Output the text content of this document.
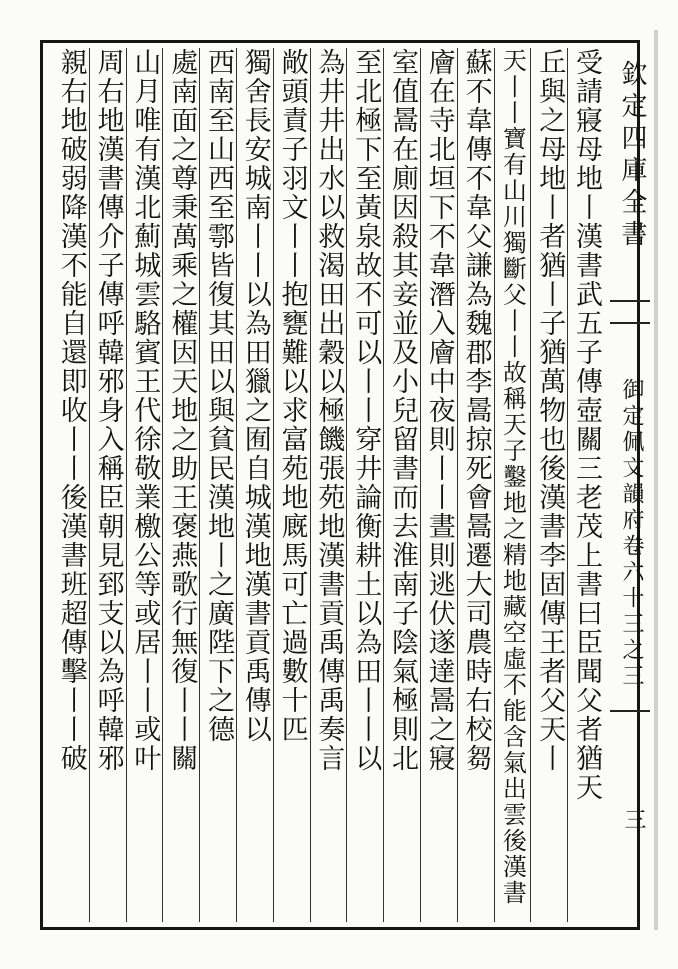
欽定四庫全書
御定佩文韻府卷六十三之三
三
受請寢母地丨漢書武五子傳壺關三老茂上書曰臣聞父者猶天
丘與之母地丨者猶丨子猶萬物也後漢書李固傳王者父天丨
天丨丨寶有山川獨斷父丨丨故稱天子鑿地之精地藏空虛不能含氣出雲後漢書
蘇不韋傳不韋父謙為魏郡李暠掠死會暠遷大司農時右校芻
廥在寺北垣下不韋潛入廥中夜則丨丨晝則逃伏遂達暠之寢
室值暠在廁因殺其妾並及小兒留書而去淮南子陰氣極則北
至北極下至黃泉故不可以丨丨穿井論衡耕土以為田丨丨以
為井井出水以救渴田出穀以極饑張苑地漢書貢禹傳禹奏言
敞頭責子羽文丨丨抱甕難以求富苑地廐馬可亡過數十匹
獨舍長安城南丨丨以為田獵之囿自城漢地漢書貢禹傳以
西南至山西至鄠皆復其田以與貧民漢地丨之廣陛下之德
處南面之尊秉萬乘之權因天地之助王褒燕歌行無復丨丨關
山月唯有漢北薊城雲駱賓王代徐敬業檄公等或居丨丨或叶
周右地漢書傳介子傳呼韓邪身入稱臣朝見郅支以為呼韓邪
親右地破弱降漢不能自還即收丨丨後漢書班超傳擊丨丨破
